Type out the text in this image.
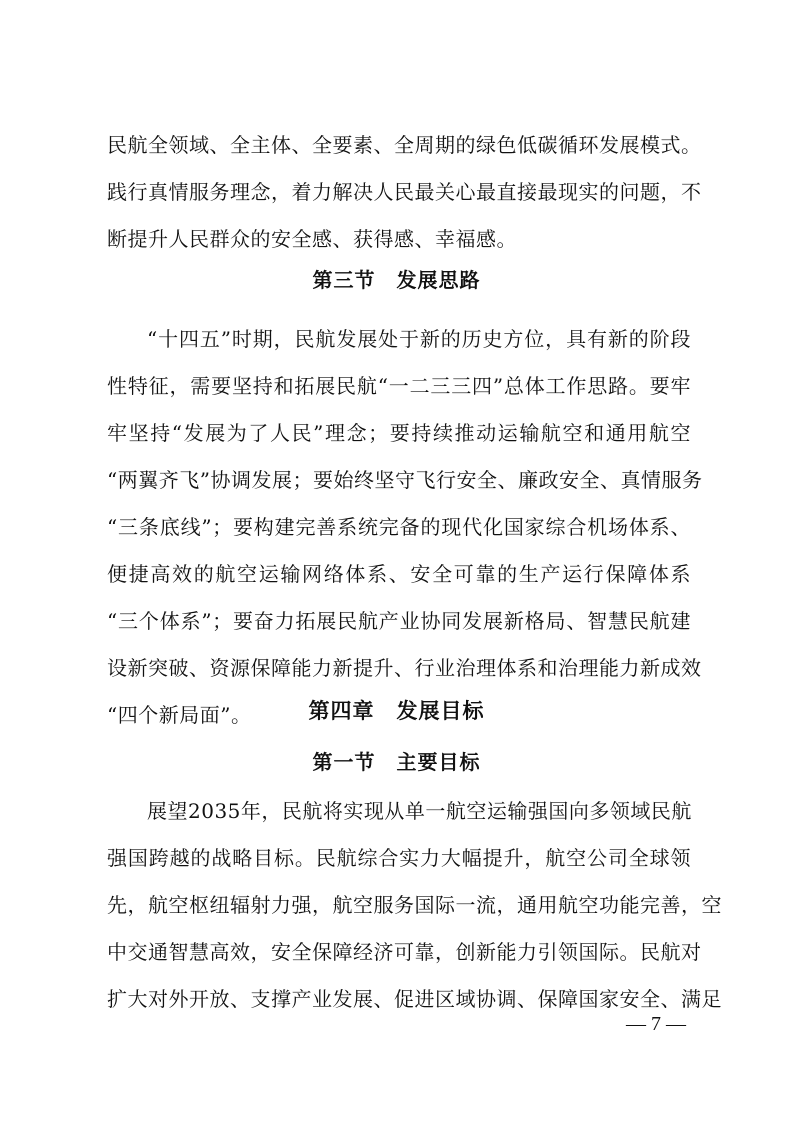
民航全领域、全主体、全要素、全周期的绿色低碳循环发展模式。
践行真情服务理念，着力解决人民最关心最直接最现实的问题，不
断提升人民群众的安全感、获得感、幸福感。
第三节　发展思路
“十四五”时期，民航发展处于新的历史方位，具有新的阶段
性特征，需要坚持和拓展民航“一二三三四”总体工作思路。要牢
牢坚持“发展为了人民”理念；要持续推动运输航空和通用航空
“两翼齐飞”协调发展；要始终坚守飞行安全、廉政安全、真情服务
“三条底线”；要构建完善系统完备的现代化国家综合机场体系、
便捷高效的航空运输网络体系、安全可靠的生产运行保障体系
“三个体系”；要奋力拓展民航产业协同发展新格局、智慧民航建
设新突破、资源保障能力新提升、行业治理体系和治理能力新成效
“四个新局面”。	第四章　发展目标
第一节　主要目标
展望2035年，民航将实现从单一航空运输强国向多领域民航
强国跨越的战略目标。民航综合实力大幅提升，航空公司全球领
先，航空枢纽辐射力强，航空服务国际一流，通用航空功能完善，空
中交通智慧高效，安全保障经济可靠，创新能力引领国际。民航对
扩大对外开放、支撑产业发展、促进区域协调、保障国家安全、满足
— 7 —
